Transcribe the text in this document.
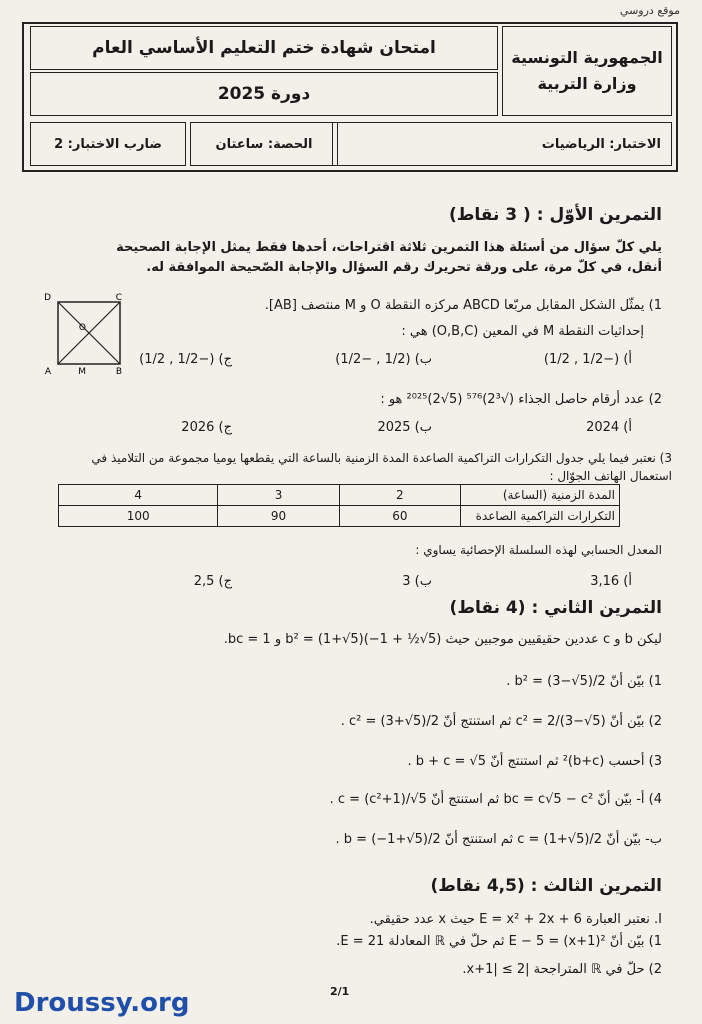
موقع دروسي
امتحان شهادة ختم التعليم الأساسي العام
دورة 2025
الجمهورية التونسية
وزارة التربية
الاختبار: الرياضيات
الحصة: ساعتان
ضارب الاختبار: 2
التمرين الأوّل : ( 3 نقاط)
يلي كلّ سؤال من أسئلة هذا التمرين ثلاثة اقتراحات، أحدها فقط يمثل الإجابة الصحيحة
أنقل، في كلّ مرة، على ورقة تحريرك رقم السؤال والإجابة الصّحيحة الموافقة له.
D	C
O
A	M	B
1) يمثّل الشكل المقابل مربّعا ABCD مركزه النقطة O و M منتصف [AB].
إحداثيات النقطة M في المعين (O,B,C) هي :
أ) (−1/2 , 1/2)
ب) (1/2 , −1/2)
ج) (−1/2 , 1/2)
2) عدد أرقام حاصل الجذاء (√2³)⁵⁷⁶ (5√2)²⁰²⁵ هو :
أ) 2024
ب) 2025
ج) 2026
3) نعتبر فيما يلي جدول التكرارات التراكمية الصاعدة المدة الزمنية بالساعة التي يقطعها يوميا مجموعة من التلاميذ في
استعمال الهاتف الجوّال :
المدة الزمنية (الساعة)	2	3	4
التكرارات التراكمية الصاعدة	60	90	100
المعدل الحسابي لهذه السلسلة الإحصائية يساوي :
أ) 3,16
ب) 3
ج) 2,5
التمرين الثاني : (4 نقاط)
ليكن b و c عددين حقيقيين موجبين حيث b² = (1+√5)(−1 + ½√5) و bc = 1.
1) بيّن أنّ b² = (3−√5)/2 .
2) بيّن أنّ c² = 2/(3−√5) ثم استنتج أنّ c² = (3+√5)/2 .
3) أحسب (b+c)² ثم استنتج أنّ b + c = √5 .
4) أ- بيّن أنّ bc = c√5 − c² ثم استنتج أنّ c = (c²+1)/√5 .
ب- بيّن أنّ c = (1+√5)/2 ثم استنتج أنّ b = (−1+√5)/2 .
التمرين الثالث : (4,5 نقاط)
I. نعتبر العبارة E = x² + 2x + 6 حيث x عدد حقيقي.
1) بيّن أنّ E − 5 = (x+1)² ثم حلّ في ℝ المعادلة E = 21.
2) حلّ في ℝ المتراجحة |x+1| ≤ 2.
2/1
Droussy.org
